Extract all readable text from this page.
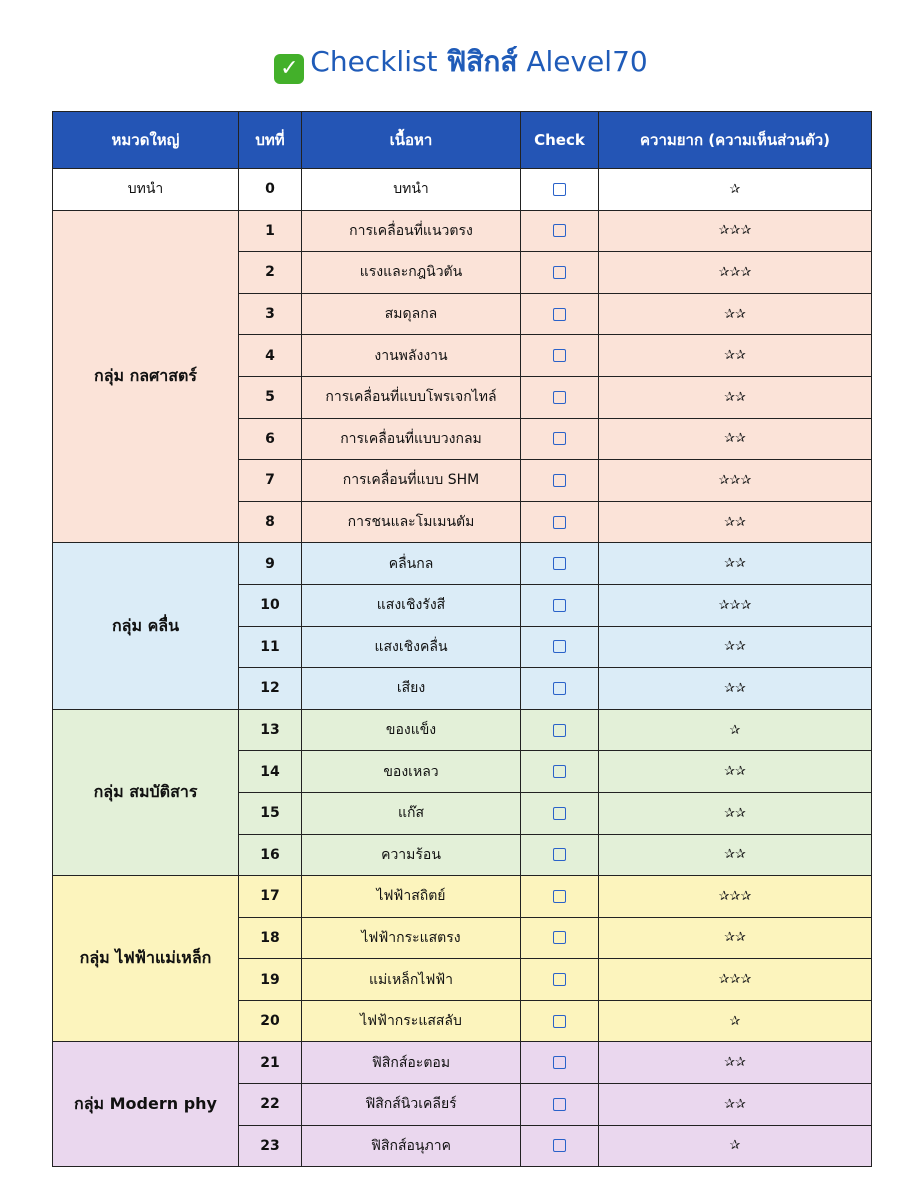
✓ Checklist ฟิสิกส์ Alevel70
หมวดใหญ่	บทที่	เนื้อหา	Check	ความยาก (ความเห็นส่วนตัว)
บทนำ	0	บทนำ		✰
กลุ่ม กลศาสตร์	1	การเคลื่อนที่แนวตรง		✰✰✰
	2	แรงและกฎนิวตัน		✰✰✰
	3	สมดุลกล		✰✰
	4	งานพลังงาน		✰✰
	5	การเคลื่อนที่แบบโพรเจกไทล์		✰✰
	6	การเคลื่อนที่แบบวงกลม		✰✰
	7	การเคลื่อนที่แบบ SHM		✰✰✰
	8	การชนและโมเมนตัม		✰✰
กลุ่ม คลื่น	9	คลื่นกล		✰✰
	10	แสงเชิงรังสี		✰✰✰
	11	แสงเชิงคลื่น		✰✰
	12	เสียง		✰✰
กลุ่ม สมบัติสาร	13	ของแข็ง		✰
	14	ของเหลว		✰✰
	15	แก๊ส		✰✰
	16	ความร้อน		✰✰
กลุ่ม ไฟฟ้าแม่เหล็ก	17	ไฟฟ้าสถิตย์		✰✰✰
	18	ไฟฟ้ากระแสตรง		✰✰
	19	แม่เหล็กไฟฟ้า		✰✰✰
	20	ไฟฟ้ากระแสสลับ		✰
กลุ่ม Modern phy	21	ฟิสิกส์อะตอม		✰✰
	22	ฟิสิกส์นิวเคลียร์		✰✰
	23	ฟิสิกส์อนุภาค		✰
